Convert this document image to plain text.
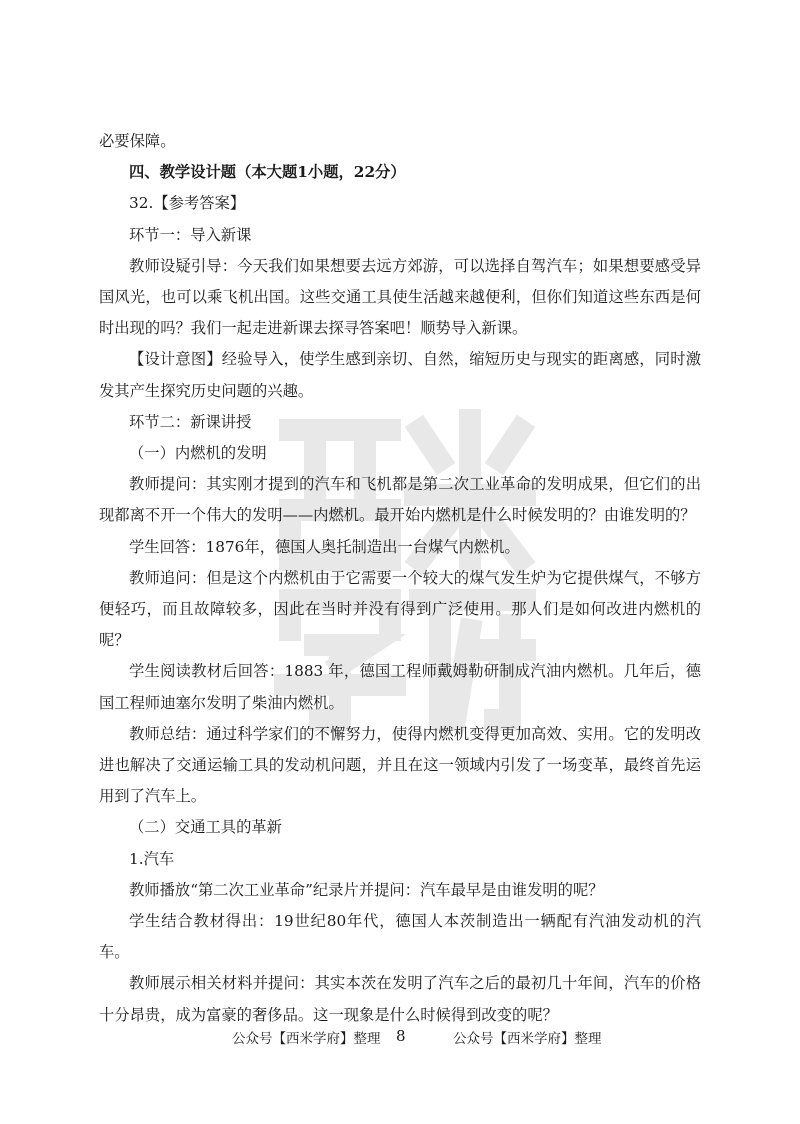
必要保障。

四、教学设计题（本大题1小题，22分）

32.【参考答案】

环节一：导入新课

教师设疑引导：今天我们如果想要去远方郊游，可以选择自驾汽车；如果想要感受异国风光，也可以乘飞机出国。这些交通工具使生活越来越便利，但你们知道这些东西是何时出现的吗？我们一起走进新课去探寻答案吧！顺势导入新课。

【设计意图】经验导入，使学生感到亲切、自然，缩短历史与现实的距离感，同时激发其产生探究历史问题的兴趣。

环节二：新课讲授

（一）内燃机的发明

教师提问：其实刚才提到的汽车和飞机都是第二次工业革命的发明成果，但它们的出现都离不开一个伟大的发明——内燃机。最开始内燃机是什么时候发明的？由谁发明的？

学生回答：1876年，德国人奥托制造出一台煤气内燃机。

教师追问：但是这个内燃机由于它需要一个较大的煤气发生炉为它提供煤气，不够方便轻巧，而且故障较多，因此在当时并没有得到广泛使用。那人们是如何改进内燃机的呢？

学生阅读教材后回答：1883 年，德国工程师戴姆勒研制成汽油内燃机。几年后，德国工程师迪塞尔发明了柴油内燃机。

教师总结：通过科学家们的不懈努力，使得内燃机变得更加高效、实用。它的发明改进也解决了交通运输工具的发动机问题，并且在这一领域内引发了一场变革，最终首先运用到了汽车上。

（二）交通工具的革新

1.汽车

教师播放“第二次工业革命”纪录片并提问：汽车最早是由谁发明的呢？

学生结合教材得出：19世纪80年代，德国人本茨制造出一辆配有汽油发动机的汽车。

教师展示相关材料并提问：其实本茨在发明了汽车之后的最初几十年间，汽车的价格十分昂贵，成为富豪的奢侈品。这一现象是什么时候得到改变的呢？

公众号【西米学府】整理 8	公众号【西米学府】整理
